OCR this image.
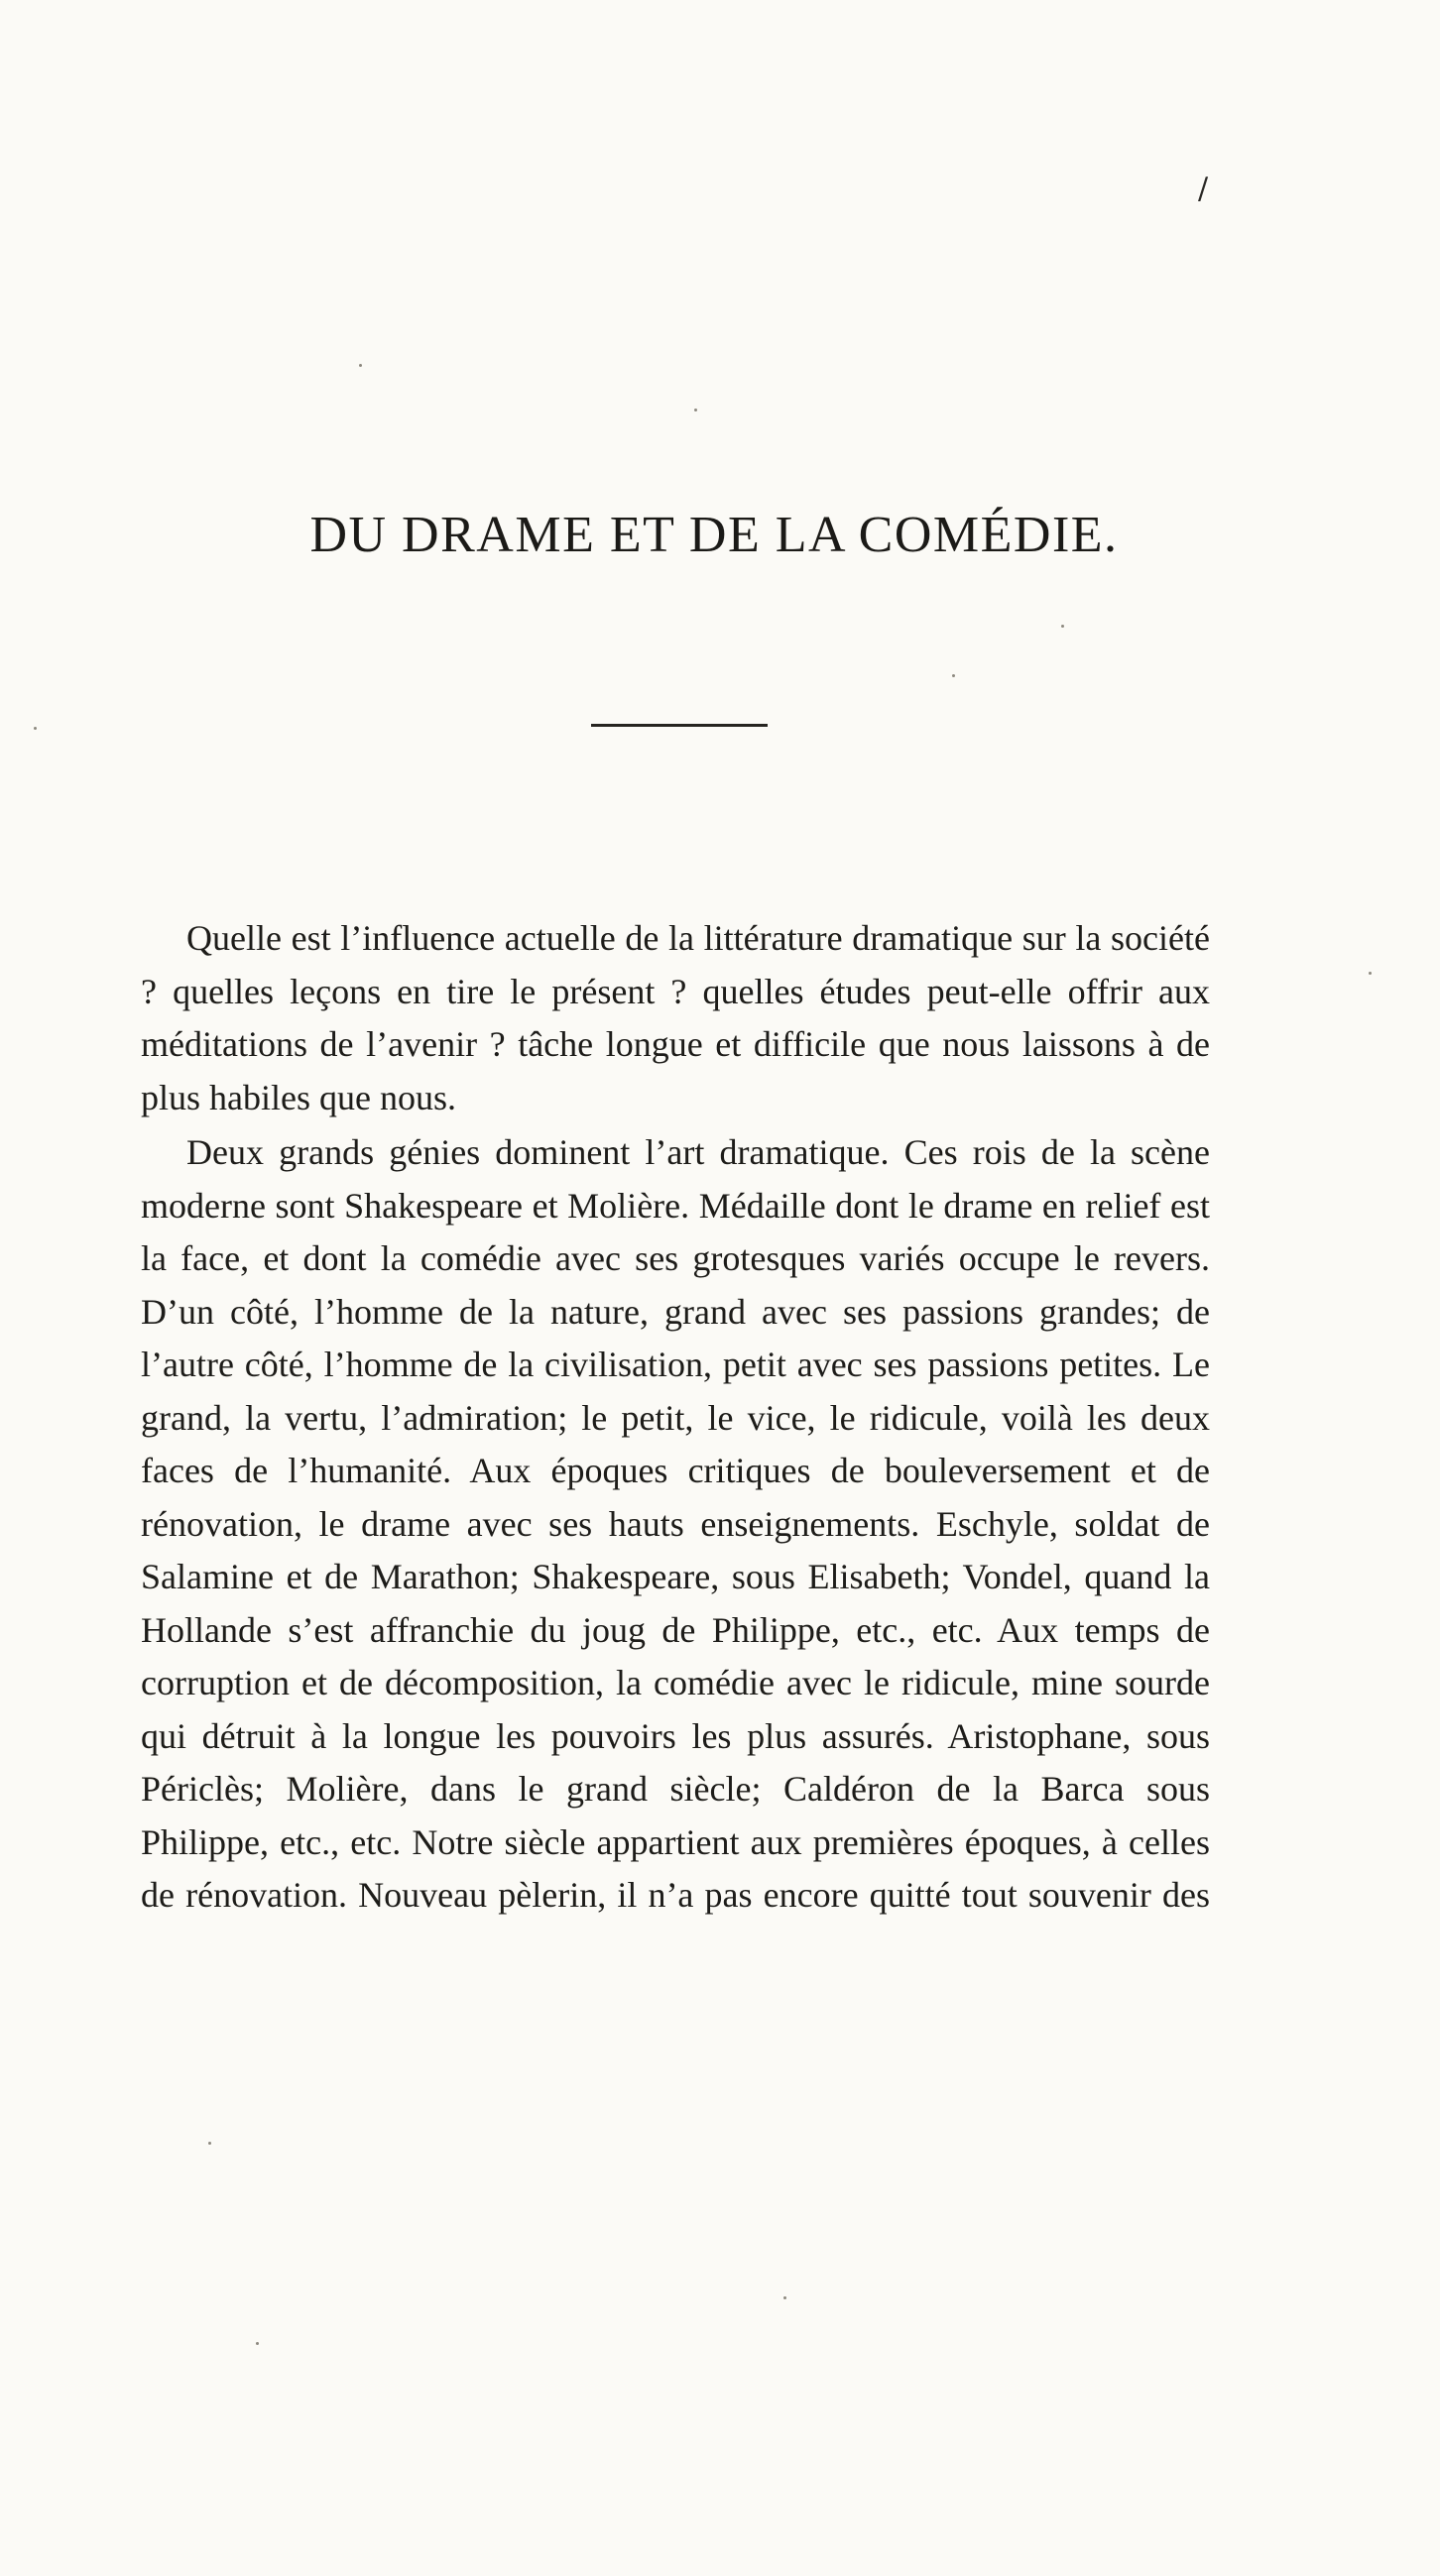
/
DU DRAME ET DE LA COMÉDIE.

Quelle est l’influence actuelle de la littérature dramatique sur la société ? quelles leçons en tire le présent ? quelles études peut-elle offrir aux méditations de l’avenir ? tâche longue et difficile que nous laissons à de plus habiles que nous.

Deux grands génies dominent l’art dramatique. Ces rois de la scène moderne sont Shakespeare et Molière. Médaille dont le drame en relief est la face, et dont la comédie avec ses grotesques variés occupe le revers. D’un côté, l’homme de la nature, grand avec ses passions grandes; de l’autre côté, l’homme de la civilisation, petit avec ses passions petites. Le grand, la vertu, l’admiration; le petit, le vice, le ridicule, voilà les deux faces de l’humanité. Aux époques critiques de bouleversement et de rénovation, le drame avec ses hauts enseignements. Eschyle, soldat de Salamine et de Marathon; Shakespeare, sous Elisabeth; Vondel, quand la Hollande s’est affranchie du joug de Philippe, etc., etc. Aux temps de corruption et de décomposition, la comédie avec le ridicule, mine sourde qui détruit à la longue les pouvoirs les plus assurés. Aristophane, sous Périclès; Molière, dans le grand siècle; Caldéron de la Barca sous Philippe, etc., etc. Notre siècle appartient aux premières époques, à celles de rénovation. Nouveau pèlerin, il n’a pas encore quitté tout souvenir des
